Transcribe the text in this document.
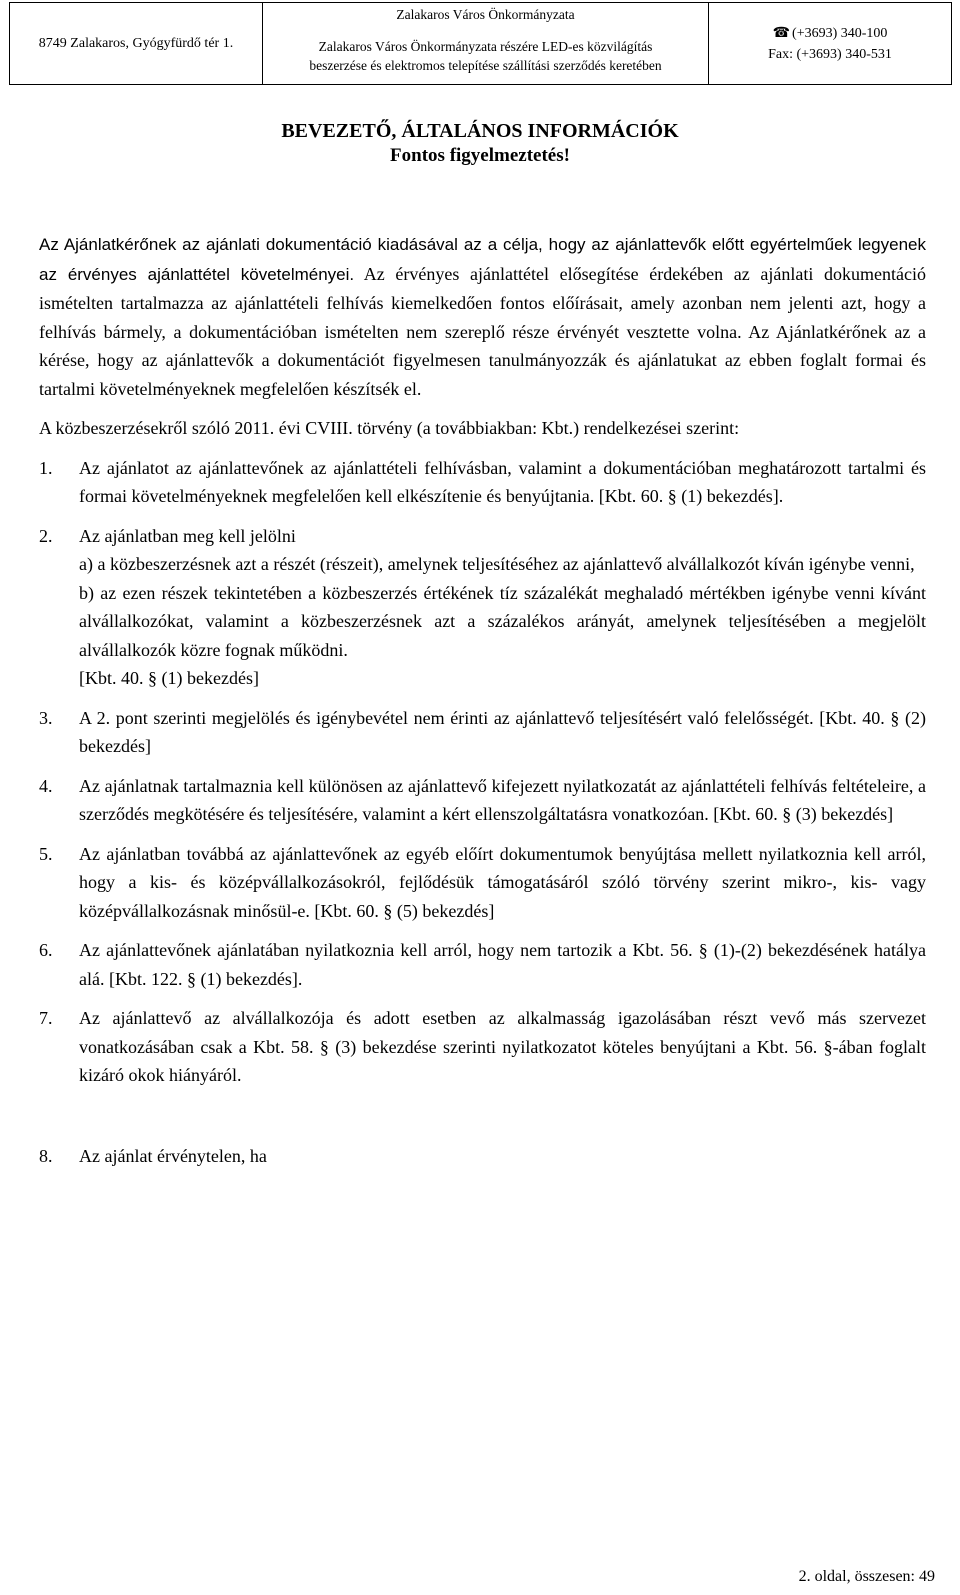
8749 Zalakaros, Gyógyfürdő tér 1.
Zalakaros Város Önkormányzata
Zalakaros Város Önkormányzata részére LED-es közvilágítás
beszerzése és elektromos telepítése szállítási szerződés keretében
☎ (+3693) 340-100
Fax: (+3693) 340-531
BEVEZETŐ, ÁLTALÁNOS INFORMÁCIÓK
Fontos figyelmeztetés!

Az Ajánlatkérőnek az ajánlati dokumentáció kiadásával az a célja, hogy az ajánlattevők előtt egyértelműek legyenek az érvényes ajánlattétel követelményei. Az érvényes ajánlattétel elősegítése érdekében az ajánlati dokumentáció ismételten tartalmazza az ajánlattételi felhívás kiemelkedően fontos előírásait, amely azonban nem jelenti azt, hogy a felhívás bármely, a dokumentációban ismételten nem szereplő része érvényét vesztette volna. Az Ajánlatkérőnek az a kérése, hogy az ajánlattevők a dokumentációt figyelmesen tanulmányozzák és ajánlatukat az ebben foglalt formai és tartalmi követelményeknek megfelelően készítsék el.

A közbeszerzésekről szóló 2011. évi CVIII. törvény (a továbbiakban: Kbt.) rendelkezései szerint:

1.	Az ajánlatot az ajánlattevőnek az ajánlattételi felhívásban, valamint a dokumentációban meghatározott tartalmi és formai követelményeknek megfelelően kell elkészítenie és benyújtania. [Kbt. 60. § (1) bekezdés].
2.	Az ajánlatban meg kell jelölni
a) a közbeszerzésnek azt a részét (részeit), amelynek teljesítéséhez az ajánlattevő alvállalkozót kíván igénybe venni,
b) az ezen részek tekintetében a közbeszerzés értékének tíz százalékát meghaladó mértékben igénybe venni kívánt alvállalkozókat, valamint a közbeszerzésnek azt a százalékos arányát, amelynek teljesítésében a megjelölt alvállalkozók közre fognak működni.
[Kbt. 40. § (1) bekezdés]
3.	A 2. pont szerinti megjelölés és igénybevétel nem érinti az ajánlattevő teljesítésért való felelősségét. [Kbt. 40. § (2) bekezdés]
4.	Az ajánlatnak tartalmaznia kell különösen az ajánlattevő kifejezett nyilatkozatát az ajánlattételi felhívás feltételeire, a szerződés megkötésére és teljesítésére, valamint a kért ellenszolgáltatásra vonatkozóan. [Kbt. 60. § (3) bekezdés]
5.	Az ajánlatban továbbá az ajánlattevőnek az egyéb előírt dokumentumok benyújtása mellett nyilatkoznia kell arról, hogy a kis- és középvállalkozásokról, fejlődésük támogatásáról szóló törvény szerint mikro-, kis- vagy középvállalkozásnak minősül-e. [Kbt. 60. § (5) bekezdés]
6.	Az ajánlattevőnek ajánlatában nyilatkoznia kell arról, hogy nem tartozik a Kbt. 56. § (1)-(2) bekezdésének hatálya alá. [Kbt. 122. § (1) bekezdés].
7.	Az ajánlattevő az alvállalkozója és adott esetben az alkalmasság igazolásában részt vevő más szervezet vonatkozásában csak a Kbt. 58. § (3) bekezdése szerinti nyilatkozatot köteles benyújtani a Kbt. 56. §-ában foglalt kizáró okok hiányáról.
8.	Az ajánlat érvénytelen, ha
2. oldal, összesen: 49
